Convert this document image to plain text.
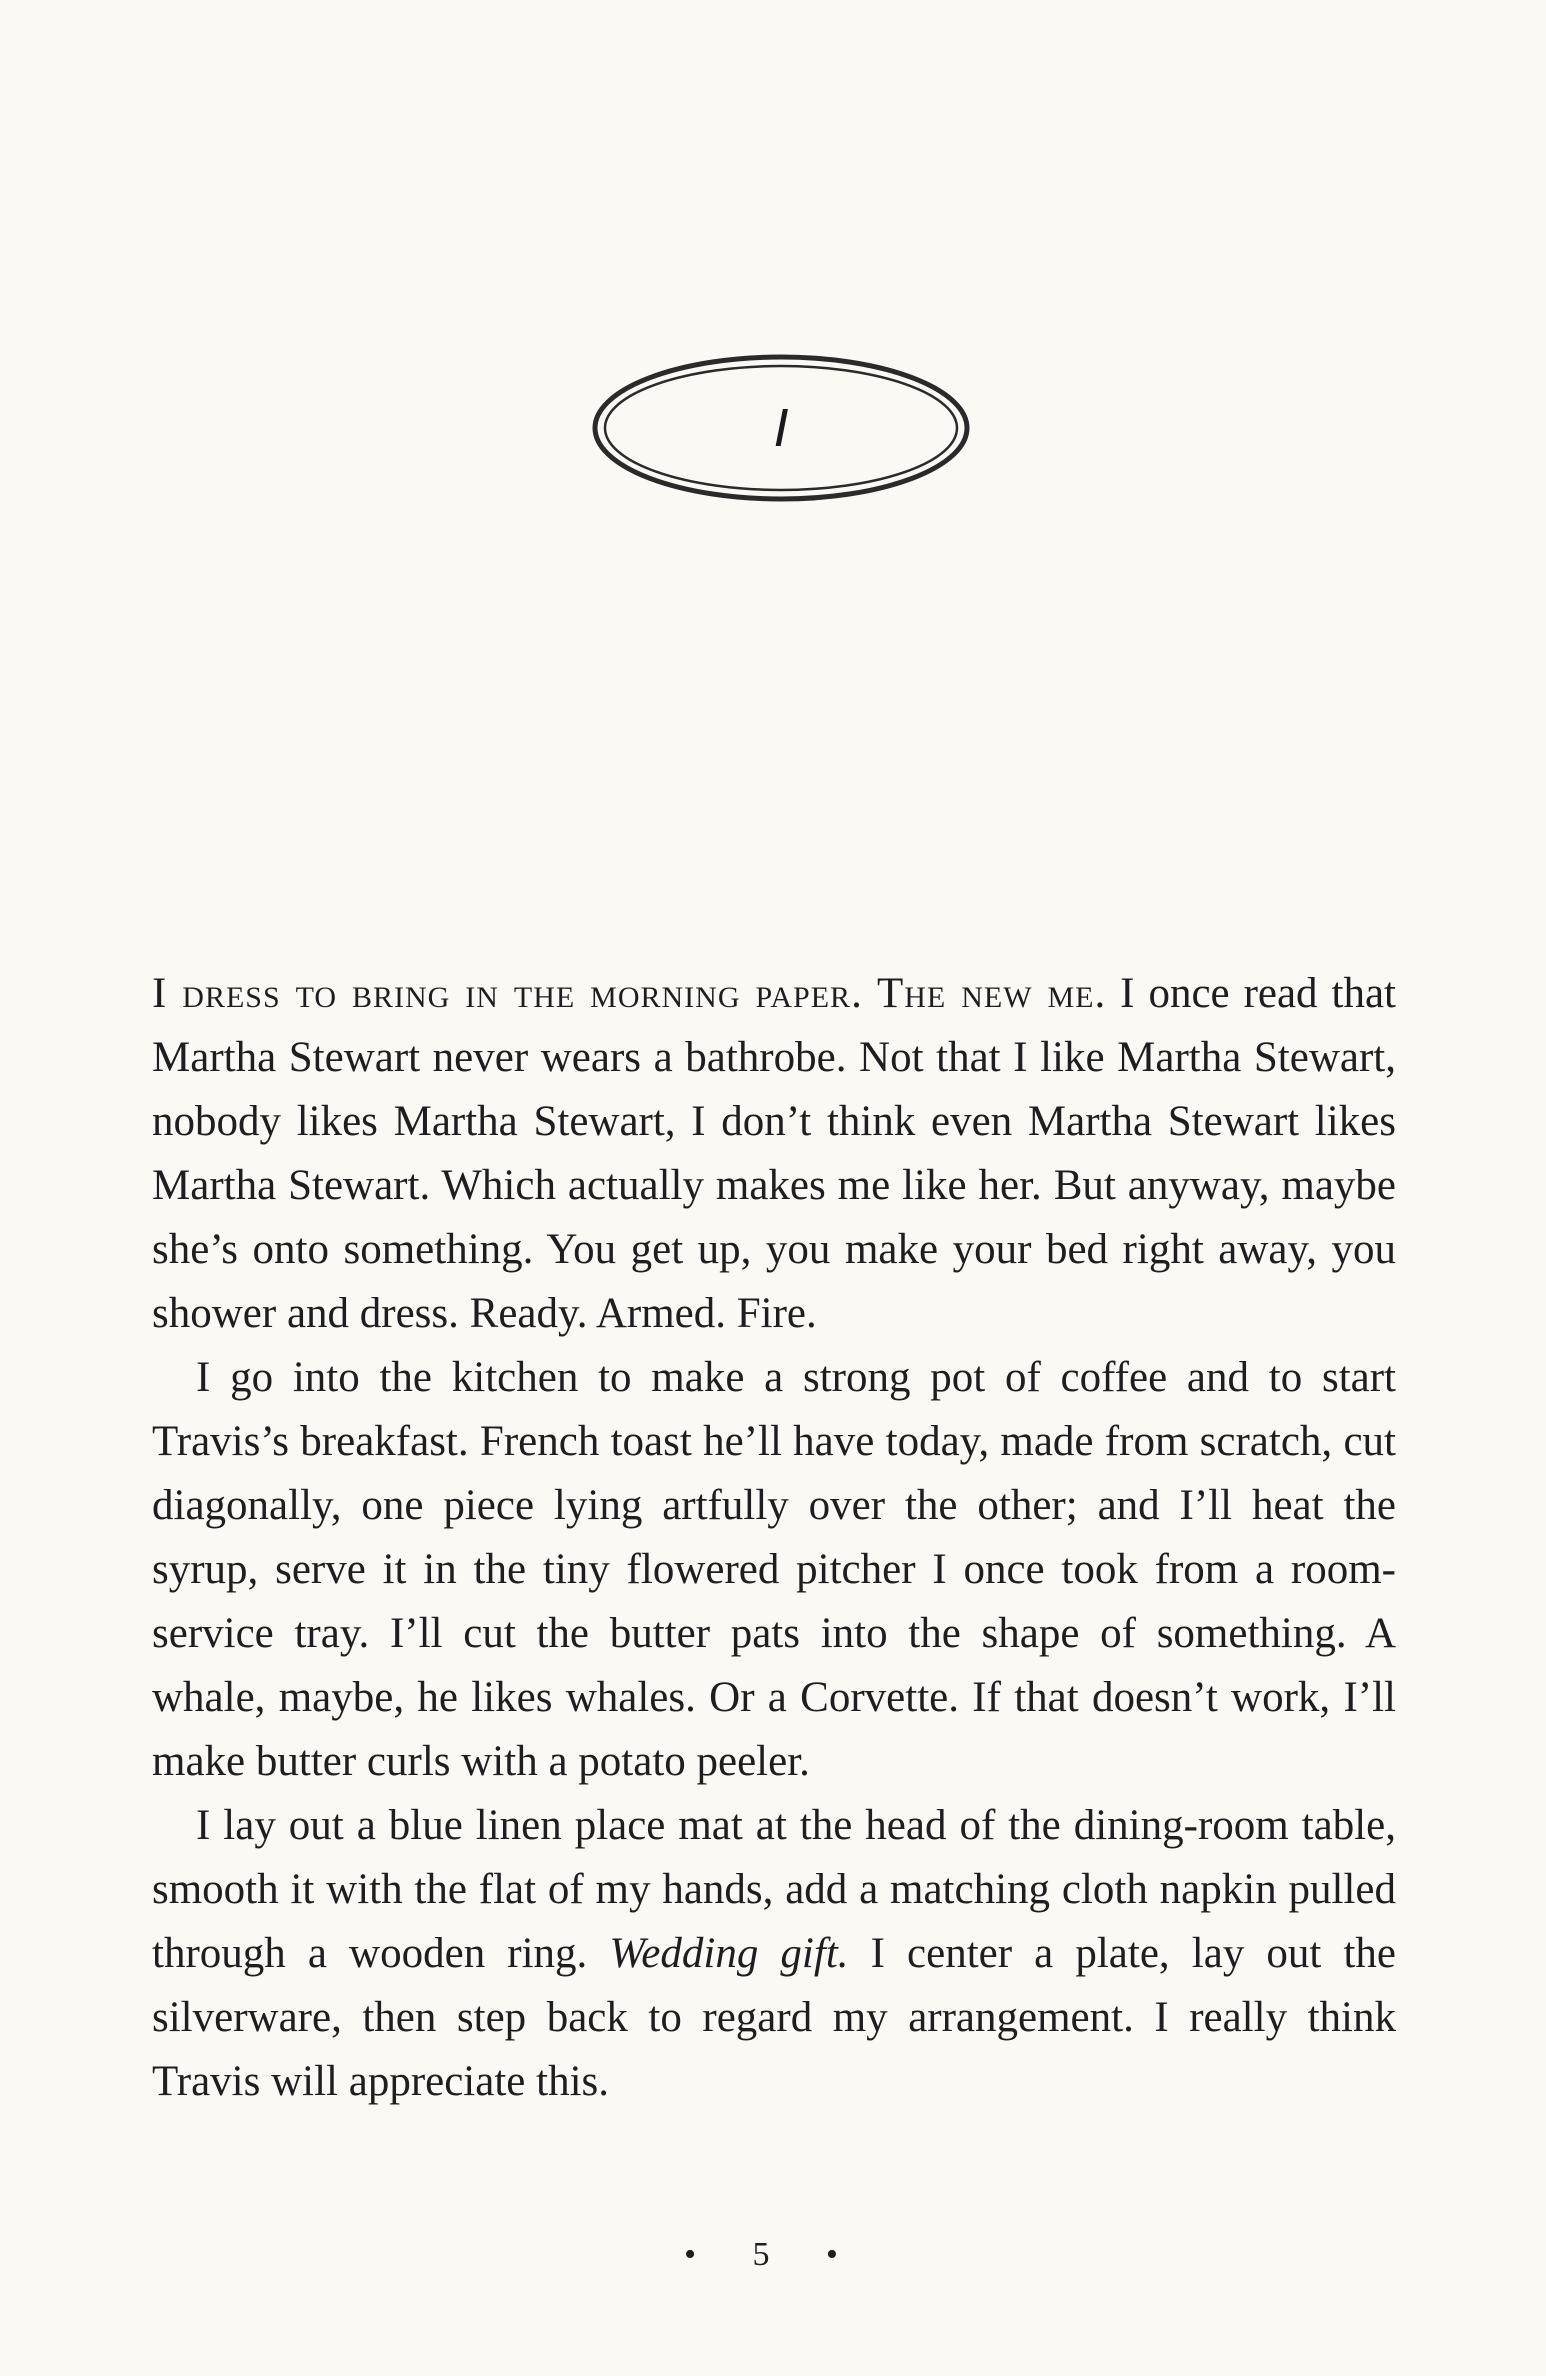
I

I dress to bring in the morning paper. The new me. I once read that Martha Stewart never wears a bathrobe. Not that I like Martha Stewart, nobody likes Martha Stewart, I don’t think even Martha Stewart likes Martha Stewart. Which actually makes me like her. But anyway, maybe she’s onto something. You get up, you make your bed right away, you shower and dress. Ready. Armed. Fire.

I go into the kitchen to make a strong pot of coffee and to start Travis’s breakfast. French toast he’ll have today, made from scratch, cut diagonally, one piece lying artfully over the other; and I’ll heat the syrup, serve it in the tiny flowered pitcher I once took from a room-service tray. I’ll cut the butter pats into the shape of something. A whale, maybe, he likes whales. Or a Corvette. If that doesn’t work, I’ll make butter curls with a potato peeler.

I lay out a blue linen place mat at the head of the dining-room table, smooth it with the flat of my hands, add a matching cloth napkin pulled through a wooden ring. Wedding gift. I center a plate, lay out the silverware, then step back to regard my arrangement. I really think Travis will appreciate this.

• 5 •
